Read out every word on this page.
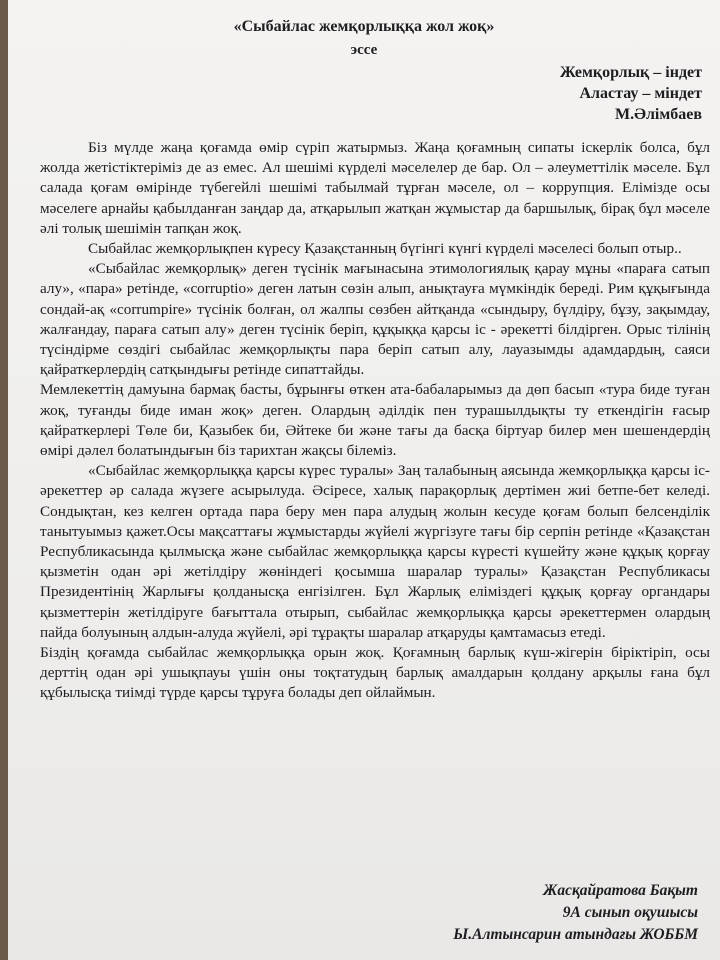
«Сыбайлас жемқорлыққа жол жоқ»
эссе
Жемқорлық – індет
Аластау – міндет
М.Әлімбаев

Біз мүлде жаңа қоғамда өмір сүріп жатырмыз. Жаңа қоғамның сипаты іскерлік болса, бұл жолда жетістіктеріміз де аз емес. Ал шешімі күрделі мәселелер де бар. Ол – әлеуметтілік мәселе. Бұл салада қоғам өмірінде түбегейлі шешімі табылмай тұрған мәселе, ол – коррупция. Елімізде осы мәселеге арнайы қабылданған заңдар да, атқарылып жатқан жұмыстар да баршылық, бірақ бұл мәселе әлі толық шешімін тапқан жоқ.

Сыбайлас жемқорлықпен күресу Қазақстанның бүгінгі күнгі күрделі мәселесі болып отыр..

«Сыбайлас жемқорлық» деген түсінік мағынасына этимологиялық қарау мұны «параға сатып алу», «пара» ретінде, «corruptio» деген латын сөзін алып, анықтауға мүмкіндік береді. Рим құқығында сондай-ақ «corrumpire» түсінік болған, ол жалпы сөзбен айтқанда «сындыру, бүлдіру, бұзу, зақымдау, жалғандау, параға сатып алу» деген түсінік беріп, құқыққа қарсы іс - әрекетті білдірген. Орыс тілінің түсіндірме сөздігі сыбайлас жемқорлықты пара беріп сатып алу, лауазымды адамдардың, саяси қайраткерлердің сатқындығы ретінде сипаттайды.

Мемлекеттің дамуына бармақ басты, бұрынғы өткен ата-бабаларымыз да дөп басып «тура биде туған жоқ, туғанды биде иман жоқ» деген. Олардың әділдік пен турашылдықты ту еткендігін ғасыр қайраткерлері Төле би, Қазыбек би, Әйтеке би және тағы да басқа біртуар билер мен шешендердің өмірі дәлел болатындығын біз тарихтан жақсы білеміз.

«Сыбайлас жемқорлыққа қарсы күрес туралы» Заң талабының аясында жемқорлыққа қарсы іс-әрекеттер әр салада жүзеге асырылуда. Әсіресе, халық парақорлық дертімен жиі бетпе-бет келеді. Сондықтан, кез келген ортада пара беру мен пара алудың жолын кесуде қоғам болып белсенділік танытуымыз қажет.Осы мақсаттағы жұмыстарды жүйелі жүргізуге тағы бір серпін ретінде «Қазақстан Республикасында қылмысқа және сыбайлас жемқорлыққа қарсы күресті күшейту және құқық қорғау қызметін одан әрі жетілдіру жөніндегі қосымша шаралар туралы» Қазақстан Республикасы Президентінің Жарлығы қолданысқа енгізілген. Бұл Жарлық еліміздегі құқық қорғау органдары қызметтерін жетілдіруге бағытталa отырып, сыбайлас жемқорлыққа қарсы әрекеттермен олардың пайда болуының алдын-алуда жүйелі, әрі тұрақты шаралар атқаруды қамтамасыз етеді.

Біздің қоғамда сыбайлас жемқорлыққа орын жоқ. Қоғамның барлық күш-жігерін біріктіріп, осы дерттің одан әрі ушықпауы үшін оны тоқтатудың барлық амалдарын қолдану арқылы ғана бұл құбылысқа тиімді түрде қарсы тұруға болады деп ойлаймын.

Жасқайратова Бақыт
9А сынып оқушысы
Ы.Алтынсарин атындағы ЖОББМ
